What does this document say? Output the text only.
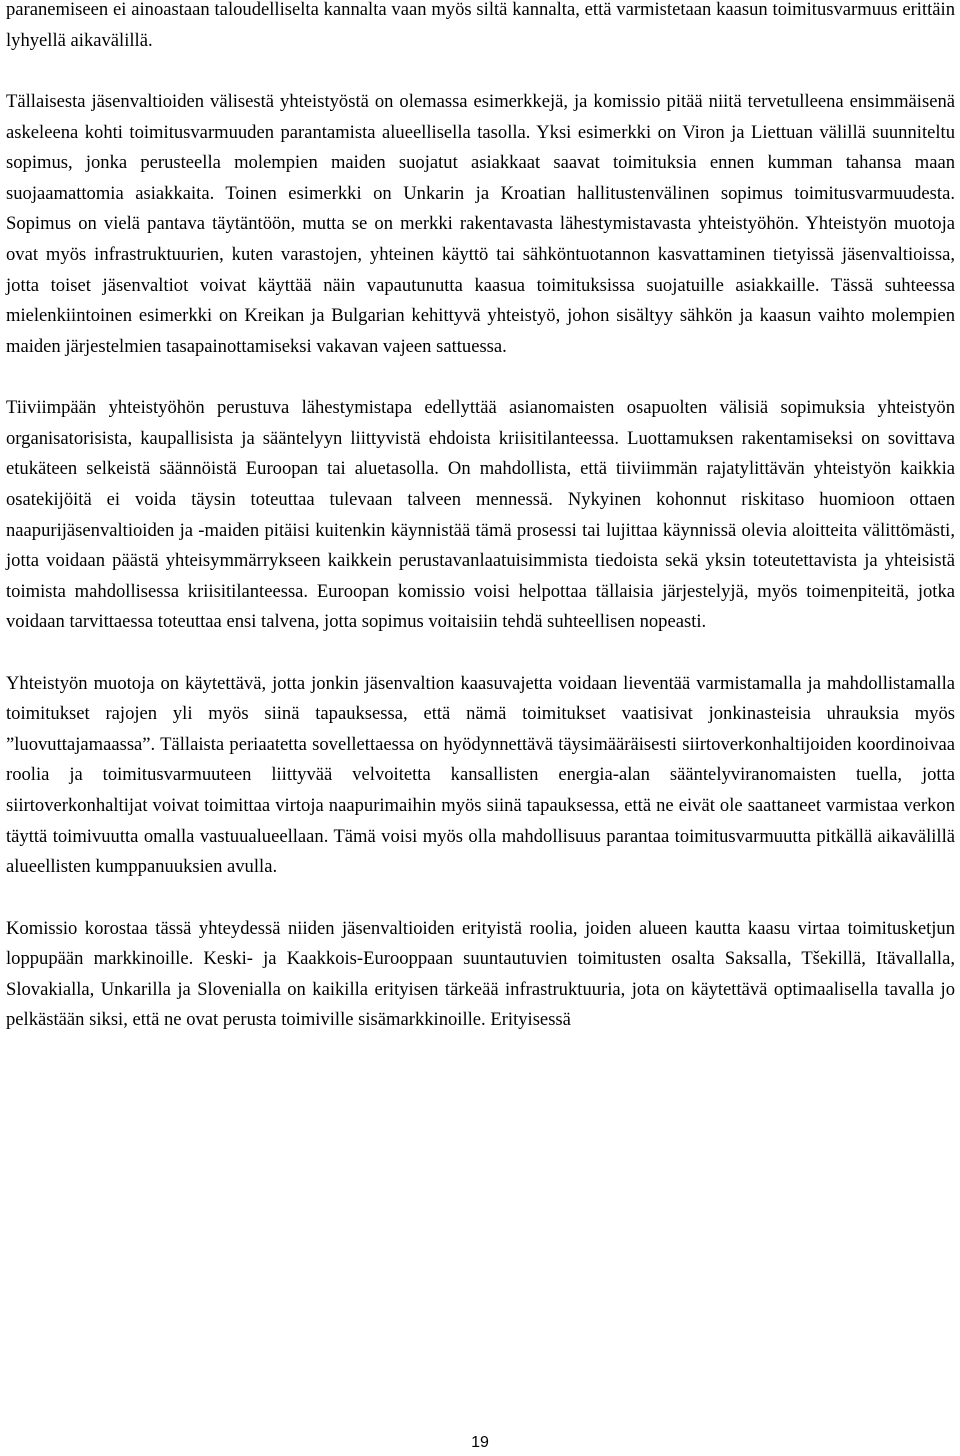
paranemiseen ei ainoastaan taloudelliselta kannalta vaan myös siltä kannalta, että varmistetaan kaasun toimitusvarmuus erittäin lyhyellä aikavälillä.

Tällaisesta jäsenvaltioiden välisestä yhteistyöstä on olemassa esimerkkejä, ja komissio pitää niitä tervetulleena ensimmäisenä askeleena kohti toimitusvarmuuden parantamista alueellisella tasolla. Yksi esimerkki on Viron ja Liettuan välillä suunniteltu sopimus, jonka perusteella molempien maiden suojatut asiakkaat saavat toimituksia ennen kumman tahansa maan suojaamattomia asiakkaita. Toinen esimerkki on Unkarin ja Kroatian hallitustenvälinen sopimus toimitusvarmuudesta. Sopimus on vielä pantava täytäntöön, mutta se on merkki rakentavasta lähestymistavasta yhteistyöhön. Yhteistyön muotoja ovat myös infrastruktuurien, kuten varastojen, yhteinen käyttö tai sähköntuotannon kasvattaminen tietyissä jäsenvaltioissa, jotta toiset jäsenvaltiot voivat käyttää näin vapautunutta kaasua toimituksissa suojatuille asiakkaille. Tässä suhteessa mielenkiintoinen esimerkki on Kreikan ja Bulgarian kehittyvä yhteistyö, johon sisältyy sähkön ja kaasun vaihto molempien maiden järjestelmien tasapainottamiseksi vakavan vajeen sattuessa.

Tiiviimpään yhteistyöhön perustuva lähestymistapa edellyttää asianomaisten osapuolten välisiä sopimuksia yhteistyön organisatorisista, kaupallisista ja sääntelyyn liittyvistä ehdoista kriisitilanteessa. Luottamuksen rakentamiseksi on sovittava etukäteen selkeistä säännöistä Euroopan tai aluetasolla. On mahdollista, että tiiviimmän rajatylittävän yhteistyön kaikkia osatekijöitä ei voida täysin toteuttaa tulevaan talveen mennessä. Nykyinen kohonnut riskitaso huomioon ottaen naapurijäsenvaltioiden ja -maiden pitäisi kuitenkin käynnistää tämä prosessi tai lujittaa käynnissä olevia aloitteita välittömästi, jotta voidaan päästä yhteisymmärrykseen kaikkein perustavanlaatuisimmista tiedoista sekä yksin toteutettavista ja yhteisistä toimista mahdollisessa kriisitilanteessa. Euroopan komissio voisi helpottaa tällaisia järjestelyjä, myös toimenpiteitä, jotka voidaan tarvittaessa toteuttaa ensi talvena, jotta sopimus voitaisiin tehdä suhteellisen nopeasti.

Yhteistyön muotoja on käytettävä, jotta jonkin jäsenvaltion kaasuvajetta voidaan lieventää varmistamalla ja mahdollistamalla toimitukset rajojen yli myös siinä tapauksessa, että nämä toimitukset vaatisivat jonkinasteisia uhrauksia myös ”luovuttajamaassa”. Tällaista periaatetta sovellettaessa on hyödynnettävä täysimääräisesti siirtoverkonhaltijoiden koordinoivaa roolia ja toimitusvarmuuteen liittyvää velvoitetta kansallisten energia-alan sääntelyviranomaisten tuella, jotta siirtoverkonhaltijat voivat toimittaa virtoja naapurimaihin myös siinä tapauksessa, että ne eivät ole saattaneet varmistaa verkon täyttä toimivuutta omalla vastuualueellaan. Tämä voisi myös olla mahdollisuus parantaa toimitusvarmuutta pitkällä aikavälillä alueellisten kumppanuuksien avulla.

Komissio korostaa tässä yhteydessä niiden jäsenvaltioiden erityistä roolia, joiden alueen kautta kaasu virtaa toimitusketjun loppupään markkinoille. Keski- ja Kaakkois-Eurooppaan suuntautuvien toimitusten osalta Saksalla, Tšekillä, Itävallalla, Slovakialla, Unkarilla ja Slovenialla on kaikilla erityisen tärkeää infrastruktuuria, jota on käytettävä optimaalisella tavalla jo pelkästään siksi, että ne ovat perusta toimiville sisämarkkinoille. Erityisessä

19
